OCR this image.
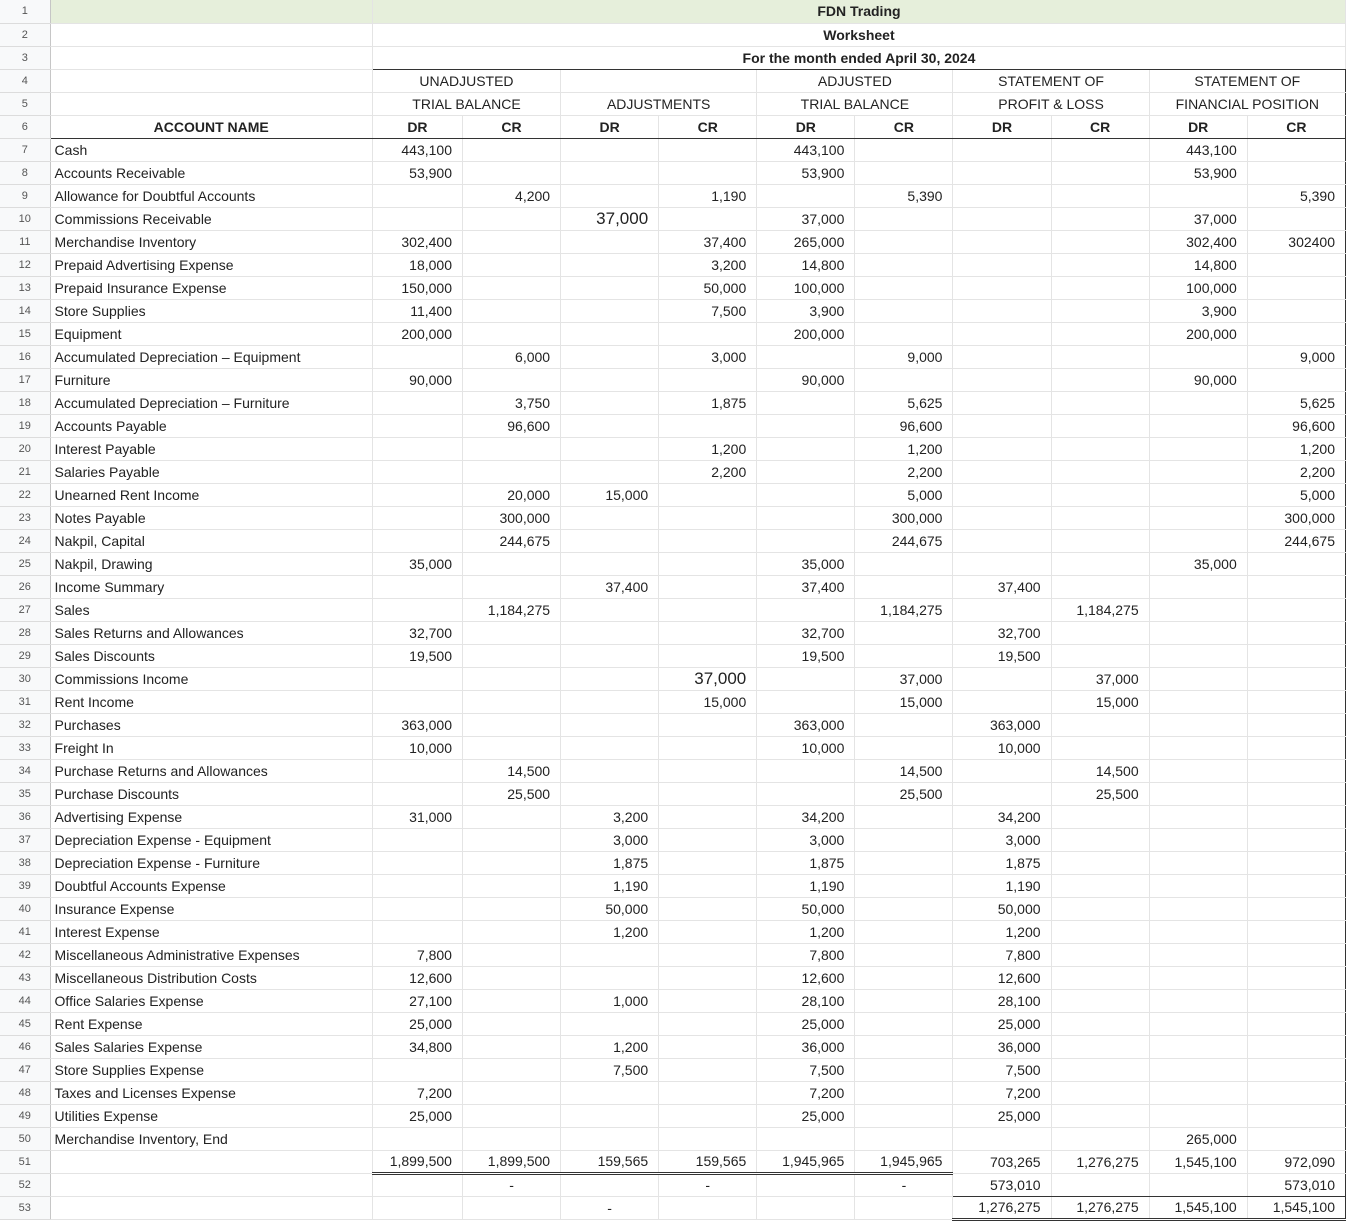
1		FDN Trading									
2		Worksheet									
3		For the month ended April 30, 2024									
4		UNADJUSTED				ADJUSTED		STATEMENT OF		STATEMENT OF	
5		TRIAL BALANCE		ADJUSTMENTS		TRIAL BALANCE		PROFIT & LOSS		FINANCIAL POSITION	
6	ACCOUNT NAME	DR	CR	DR	CR	DR	CR	DR	CR	DR	CR
7	Cash	443,100				443,100				443,100	
8	Accounts Receivable	53,900				53,900				53,900	
9	Allowance for Doubtful Accounts		4,200		1,190		5,390				5,390
10	Commissions Receivable			37,000		37,000				37,000	
11	Merchandise Inventory	302,400			37,400	265,000				302,400	302400
12	Prepaid Advertising Expense	18,000			3,200	14,800				14,800	
13	Prepaid Insurance Expense	150,000			50,000	100,000				100,000	
14	Store Supplies	11,400			7,500	3,900				3,900	
15	Equipment	200,000				200,000				200,000	
16	Accumulated Depreciation – Equipment		6,000		3,000		9,000				9,000
17	Furniture	90,000				90,000				90,000	
18	Accumulated Depreciation – Furniture		3,750		1,875		5,625				5,625
19	Accounts Payable		96,600				96,600				96,600
20	Interest Payable				1,200		1,200				1,200
21	Salaries Payable				2,200		2,200				2,200
22	Unearned Rent Income		20,000	15,000			5,000				5,000
23	Notes Payable		300,000				300,000				300,000
24	Nakpil, Capital		244,675				244,675				244,675
25	Nakpil, Drawing	35,000				35,000				35,000	
26	Income Summary			37,400		37,400		37,400			
27	Sales		1,184,275				1,184,275		1,184,275		
28	Sales Returns and Allowances	32,700				32,700		32,700			
29	Sales Discounts	19,500				19,500		19,500			
30	Commissions Income				37,000		37,000		37,000		
31	Rent Income				15,000		15,000		15,000		
32	Purchases	363,000				363,000		363,000			
33	Freight In	10,000				10,000		10,000			
34	Purchase Returns and Allowances		14,500				14,500		14,500		
35	Purchase Discounts		25,500				25,500		25,500		
36	Advertising Expense	31,000		3,200		34,200		34,200			
37	Depreciation Expense - Equipment			3,000		3,000		3,000			
38	Depreciation Expense - Furniture			1,875		1,875		1,875			
39	Doubtful Accounts Expense			1,190		1,190		1,190			
40	Insurance Expense			50,000		50,000		50,000			
41	Interest Expense			1,200		1,200		1,200			
42	Miscellaneous Administrative Expenses	7,800				7,800		7,800			
43	Miscellaneous Distribution Costs	12,600				12,600		12,600			
44	Office Salaries Expense	27,100		1,000		28,100		28,100			
45	Rent Expense	25,000				25,000		25,000			
46	Sales Salaries Expense	34,800		1,200		36,000		36,000			
47	Store Supplies Expense			7,500		7,500		7,500			
48	Taxes and Licenses Expense	7,200				7,200		7,200			
49	Utilities Expense	25,000				25,000		25,000			
50	Merchandise Inventory, End									265,000	
51		1,899,500	1,899,500	159,565	159,565	1,945,965	1,945,965	703,265	1,276,275	1,545,100	972,090
52			-		-		-	573,010			573,010
53				-				1,276,275	1,276,275	1,545,100	1,545,100
